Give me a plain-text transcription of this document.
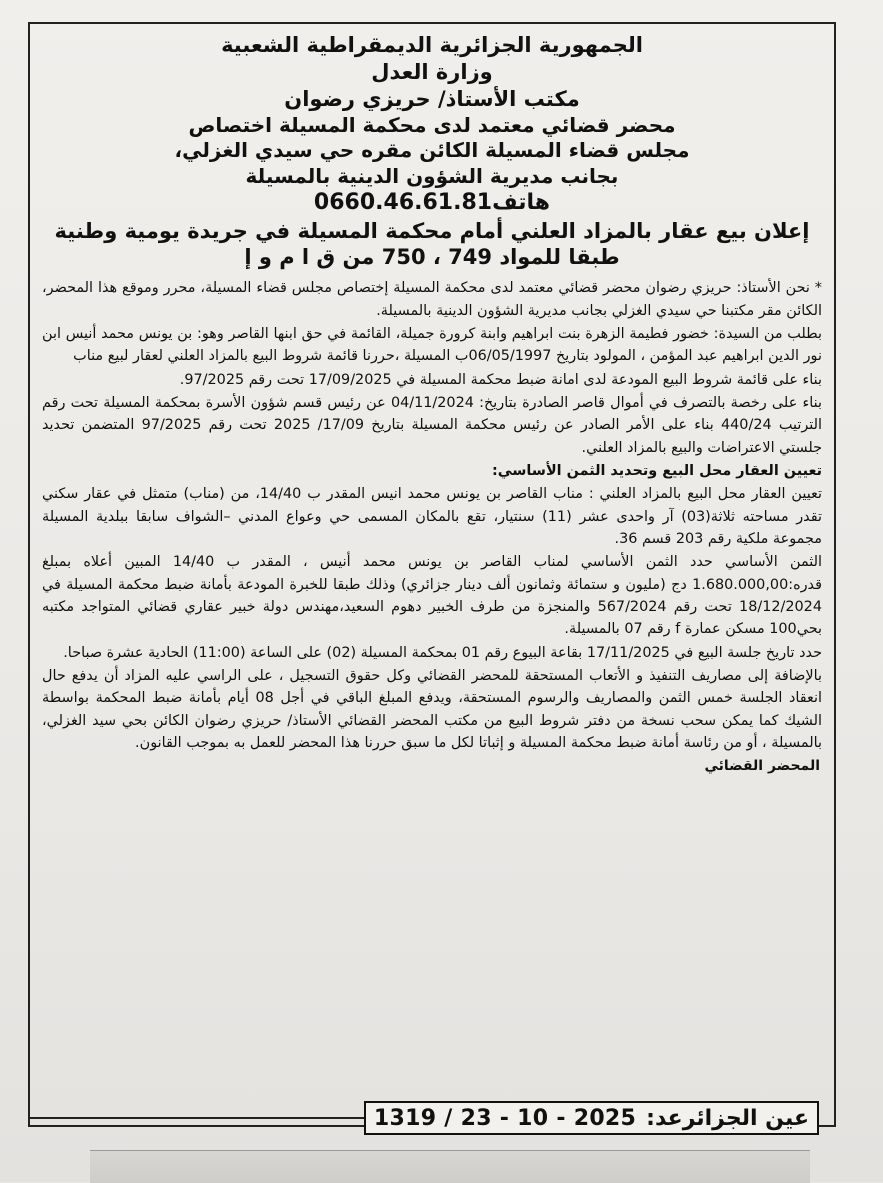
الجمهورية الجزائرية الديمقراطية الشعبية
وزارة العدل
مكتب الأستاذ/ حريزي رضوان
محضر قضائي معتمد لدى محكمة المسيلة اختصاص
مجلس قضاء المسيلة الكائن مقره حي سيدي الغزلي،
بجانب مديرية الشؤون الدينية بالمسيلة
هاتف0660.46.61.81
إعلان بيع عقار بالمزاد العلني أمام محكمة المسيلة في جريدة يومية وطنية
طبقا للمواد 749 ، 750 من ق ا م و إ

* نحن الأستاذ: حريزي رضوان محضر قضائي معتمد لدى محكمة المسيلة إختصاص مجلس قضاء المسيلة، محرر وموقع هذا المحضر، الكائن مقر مكتبنا حي سيدي الغزلي بجانب مديرية الشؤون الدينية بالمسيلة.

بطلب من السيدة: خضور فطيمة الزهرة بنت ابراهيم وابنة كرورة جميلة، القائمة في حق ابنها القاصر وهو: بن يونس محمد أنيس ابن نور الدين ابراهيم عبد المؤمن ، المولود بتاريخ 06/05/1997ب المسيلة ،حررنا قائمة شروط البيع بالمزاد العلني لعقار لبيع مناب

بناء على قائمة شروط البيع المودعة لدى امانة ضبط محكمة المسيلة في 17/09/2025 تحت رقم 97/2025.

بناء على رخصة بالتصرف في أموال قاصر الصادرة بتاريخ: 04/11/2024 عن رئيس قسم شؤون الأسرة بمحكمة المسيلة تحت رقم الترتيب 440/24 بناء على الأمر الصادر عن رئيس محكمة المسيلة بتاريخ 17/09/ 2025 تحت رقم 97/2025 المتضمن تحديد جلستي الاعتراضات والبيع بالمزاد العلني.

تعيين العقار محل البيع وتحديد الثمن الأساسي:

تعيين العقار محل البيع بالمزاد العلني : مناب القاصر بن يونس محمد انيس المقدر ب 14/40، من (مناب) متمثل في عقار سكني تقدر مساحته ثلاثة(03) آر واحدى عشر (11) سنتيار، تقع بالمكان المسمى حي وعواع المدني –الشواف سابقا ببلدية المسيلة مجموعة ملكية رقم 203 قسم 36.

الثمن الأساسي حدد الثمن الأساسي لمناب القاصر بن يونس محمد أنيس ، المقدر ب 14/40 المبين أعلاه بمبلغ قدره:1.680.000,00 دج (مليون و ستمائة وثمانون ألف دينار جزائري) وذلك طبقا للخبرة المودعة بأمانة ضبط محكمة المسيلة في 18/12/2024 تحت رقم 567/2024 والمنجزة من طرف الخبير دهوم السعيد،مهندس دولة خبير عقاري قضائي المتواجد مكتبه بحي100 مسكن عمارة f رقم 07 بالمسيلة.

حدد تاريخ جلسة البيع في 17/11/2025 بقاعة البيوع رقم 01 بمحكمة المسيلة (02) على الساعة (11:00) الحادية عشرة صباحا.

بالإضافة إلى مصاريف التنفيذ و الأتعاب المستحقة للمحضر القضائي وكل حقوق التسجيل ، على الراسي عليه المزاد أن يدفع حال انعقاد الجلسة خمس الثمن والمصاريف والرسوم المستحقة، ويدفع المبلغ الباقي في أجل 08 أيام بأمانة ضبط المحكمة بواسطة الشيك كما يمكن سحب نسخة من دفتر شروط البيع من مكتب المحضر القضائي الأستاذ/ حريزي رضوان الكائن بحي سيد الغزلي، بالمسيلة ، أو من رئاسة أمانة ضبط محكمة المسيلة و إثباتا لكل ما سبق حررنا هذا المحضر للعمل به بموجب القانون.

المحضر القضائي
عين الجزائرعد:
1319 / 23 - 10 - 2025
